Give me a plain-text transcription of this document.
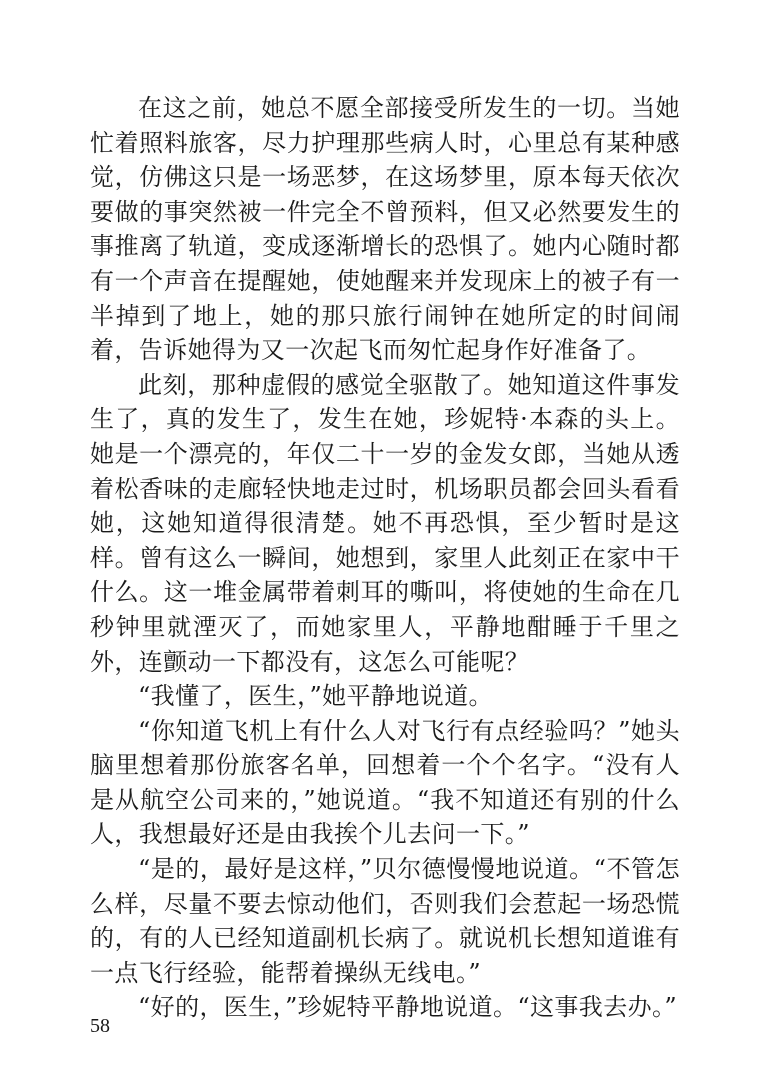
在这之前，她总不愿全部接受所发生的一切。当她忙着照料旅客，尽力护理那些病人时，心里总有某种感觉，仿佛这只是一场恶梦，在这场梦里，原本每天依次要做的事突然被一件完全不曾预料，但又必然要发生的事推离了轨道，变成逐渐增长的恐惧了。她内心随时都有一个声音在提醒她，使她醒来并发现床上的被子有一半掉到了地上，她的那只旅行闹钟在她所定的时间闹着，告诉她得为又一次起飞而匆忙起身作好准备了。

此刻，那种虚假的感觉全驱散了。她知道这件事发生了，真的发生了，发生在她，珍妮特·本森的头上。她是一个漂亮的，年仅二十一岁的金发女郎，当她从透着松香味的走廊轻快地走过时，机场职员都会回头看看她，这她知道得很清楚。她不再恐惧，至少暂时是这样。曾有这么一瞬间，她想到，家里人此刻正在家中干什么。这一堆金属带着刺耳的嘶叫，将使她的生命在几秒钟里就湮灭了，而她家里人，平静地酣睡于千里之外，连颤动一下都没有，这怎么可能呢？

“我懂了，医生，”她平静地说道。

“你知道飞机上有什么人对飞行有点经验吗？”她头脑里想着那份旅客名单，回想着一个个名字。“没有人是从航空公司来的，”她说道。“我不知道还有别的什么人，我想最好还是由我挨个儿去问一下。”

“是的，最好是这样，”贝尔德慢慢地说道。“不管怎么样，尽量不要去惊动他们，否则我们会惹起一场恐慌的，有的人已经知道副机长病了。就说机长想知道谁有一点飞行经验，能帮着操纵无线电。”

“好的，医生，”珍妮特平静地说道。“这事我去办。”

58
